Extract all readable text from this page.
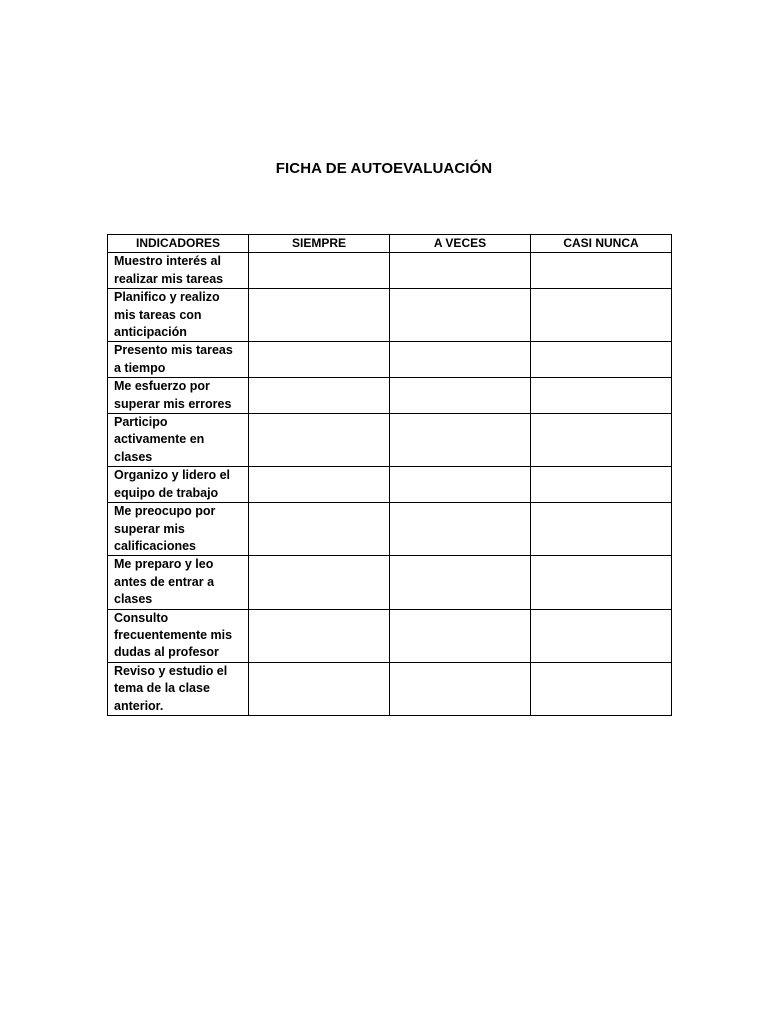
FICHA DE AUTOEVALUACIÓN
INDICADORES	SIEMPRE	A VECES	CASI NUNCA
Muestro interés al realizar mis tareas			
Planifico y realizo mis tareas con anticipación			
Presento mis tareas a tiempo			
Me esfuerzo por superar mis errores			
Participo activamente en clases			
Organizo y lidero el equipo de trabajo			
Me preocupo por superar mis calificaciones			
Me preparo y leo antes de entrar a clases			
Consulto frecuentemente mis dudas al profesor			
Reviso y estudio el tema de la clase anterior.			
